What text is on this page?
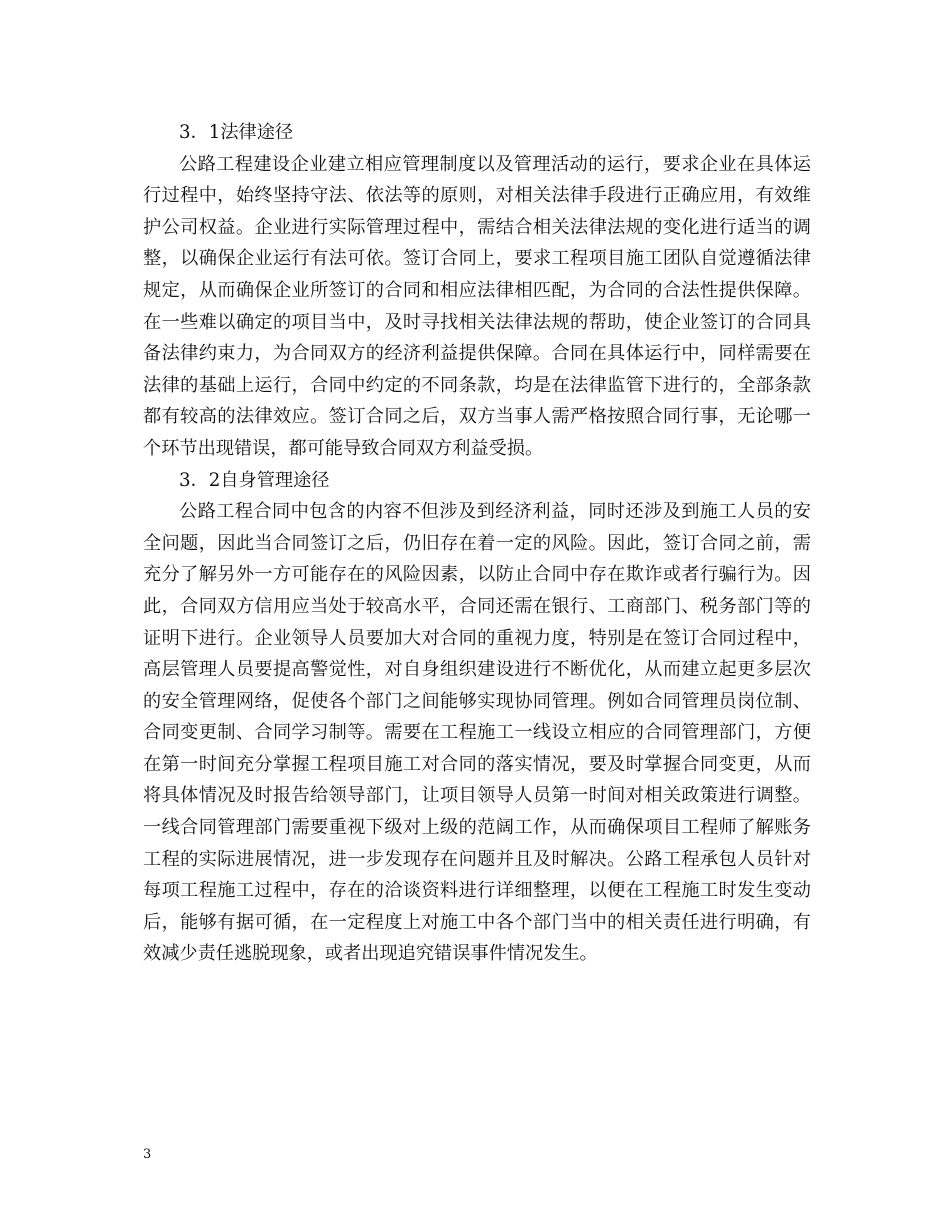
3．1法律途径

公路工程建设企业建立相应管理制度以及管理活动的运行，要求企业在具体运行过程中，始终坚持守法、依法等的原则，对相关法律手段进行正确应用，有效维护公司权益。企业进行实际管理过程中，需结合相关法律法规的变化进行适当的调整，以确保企业运行有法可依。签订合同上，要求工程项目施工团队自觉遵循法律规定，从而确保企业所签订的合同和相应法律相匹配，为合同的合法性提供保障。在一些难以确定的项目当中，及时寻找相关法律法规的帮助，使企业签订的合同具备法律约束力，为合同双方的经济利益提供保障。合同在具体运行中，同样需要在法律的基础上运行，合同中约定的不同条款，均是在法律监管下进行的，全部条款都有较高的法律效应。签订合同之后，双方当事人需严格按照合同行事，无论哪一个环节出现错误，都可能导致合同双方利益受损。

3．2自身管理途径

公路工程合同中包含的内容不但涉及到经济利益，同时还涉及到施工人员的安全问题，因此当合同签订之后，仍旧存在着一定的风险。因此，签订合同之前，需充分了解另外一方可能存在的风险因素，以防止合同中存在欺诈或者行骗行为。因此，合同双方信用应当处于较高水平，合同还需在银行、工商部门、税务部门等的证明下进行。企业领导人员要加大对合同的重视力度，特别是在签订合同过程中，高层管理人员要提高警觉性，对自身组织建设进行不断优化，从而建立起更多层次的安全管理网络，促使各个部门之间能够实现协同管理。例如合同管理员岗位制、合同变更制、合同学习制等。需要在工程施工一线设立相应的合同管理部门，方便在第一时间充分掌握工程项目施工对合同的落实情况，要及时掌握合同变更，从而将具体情况及时报告给领导部门，让项目领导人员第一时间对相关政策进行调整。一线合同管理部门需要重视下级对上级的范阔工作，从而确保项目工程师了解账务工程的实际进展情况，进一步发现存在问题并且及时解决。公路工程承包人员针对每项工程施工过程中，存在的洽谈资料进行详细整理，以便在工程施工时发生变动后，能够有据可循，在一定程度上对施工中各个部门当中的相关责任进行明确，有效减少责任逃脱现象，或者出现追究错误事件情况发生。

3
